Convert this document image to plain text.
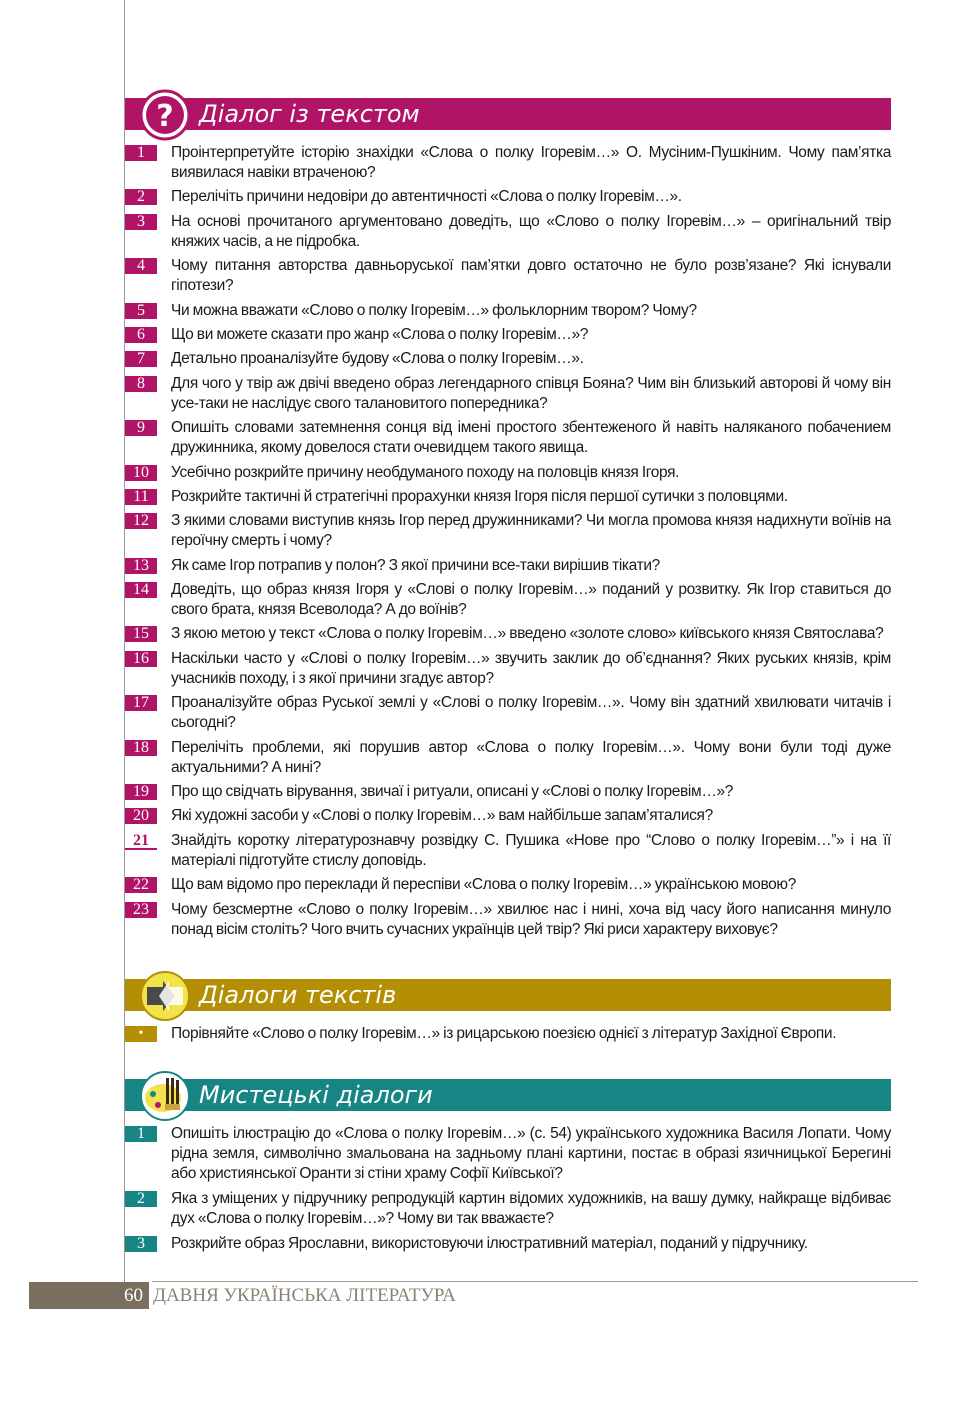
? Діалог із текстом
1	Проінтерпретуйте історію знахідки «Слова о полку Ігоревім…» О. Мусіним-Пушкіним. Чому пам’ятка виявилася навіки втраченою?
2	Перелічіть причини недовіри до автентичності «Слова о полку Ігоревім…».
3	На основі прочитаного аргументовано доведіть, що «Слово о полку Ігоревім…» – оригінальний твір княжих часів, а не підробка.
4	Чому питання авторства давньоруської пам’ятки довго остаточно не було розв’язане? Які існували гіпотези?
5	Чи можна вважати «Слово о полку Ігоревім…» фольклорним твором? Чому?
6	Що ви можете сказати про жанр «Слова о полку Ігоревім…»?
7	Детально проаналізуйте будову «Слова о полку Ігоревім…».
8	Для чого у твір аж двічі введено образ легендарного співця Бояна? Чим він близький авторові й чому він усе-таки не наслідує свого талановитого попередника?
9	Опишіть словами затемнення сонця від імені простого збентеженого й навіть наляканого побачением дружинника, якому довелося стати очевидцем такого явища.
10	Усебічно розкрийте причину необдуманого походу на половців князя Ігоря.
11	Розкрийте тактичні й стратегічні прорахунки князя Ігоря після першої сутички з половцями.
12	З якими словами виступив князь Ігор перед дружинниками? Чи могла промова князя надихнути воїнів на героїчну смерть і чому?
13	Як саме Ігор потрапив у полон? З якої причини все-таки вирішив тікати?
14	Доведіть, що образ князя Ігоря у «Слові о полку Ігоревім…» поданий у розвитку. Як Ігор ставиться до свого брата, князя Всеволода? А до воїнів?
15	З якою метою у текст «Слова о полку Ігоревім…» введено «золоте слово» київського князя Святослава?
16	Наскільки часто у «Слові о полку Ігоревім…» звучить заклик до об’єднання? Яких руських князів, крім учасників походу, і з якої причини згадує автор?
17	Проаналізуйте образ Руської землі у «Слові о полку Ігоревім…». Чому він здатний хвилювати читачів і сьогодні?
18	Перелічіть проблеми, які порушив автор «Слова о полку Ігоревім…». Чому вони були тоді дуже актуальними? А нині?
19	Про що свідчать вірування, звичаї і ритуали, описані у «Слові о полку Ігоревім…»?
20	Які художні засоби у «Слові о полку Ігоревім…» вам найбільше запам’яталися?
21	Знайдіть коротку літературознавчу розвідку С. Пушика «Нове про “Слово о полку Ігоревім…”» і на її матеріалі підготуйте стислу доповідь.
22	Що вам відомо про переклади й переспіви «Слова о полку Ігоревім…» українською мовою?
23	Чому безсмертне «Слово о полку Ігоревім…» хвилює нас і нині, хоча від часу його написання минуло понад вісім століть? Чого вчить сучасних українців цей твір? Які риси характеру виховує?
Діалоги текстів
•	Порівняйте «Слово о полку Ігоревім…» із рицарською поезією однієї з літератур Західної Європи.
Мистецькі діалоги
1	Опишіть ілюстрацію до «Слова о полку Ігоревім…» (с. 54) українського художника Василя Лопати. Чому рідна земля, символічно змальована на задньому плані картини, постає в образі язичницької Берегині або християнської Оранти зі стіни храму Софії Київської?
2	Яка з уміщених у підручнику репродукцій картин відомих художників, на вашу думку, найкраще відбиває дух «Слова о полку Ігоревім…»? Чому ви так вважаєте?
3	Розкрийте образ Ярославни, використовуючи ілюстративний матеріал, поданий у підручнику.
60 ДАВНЯ УКРАЇНСЬКА ЛІТЕРАТУРА
